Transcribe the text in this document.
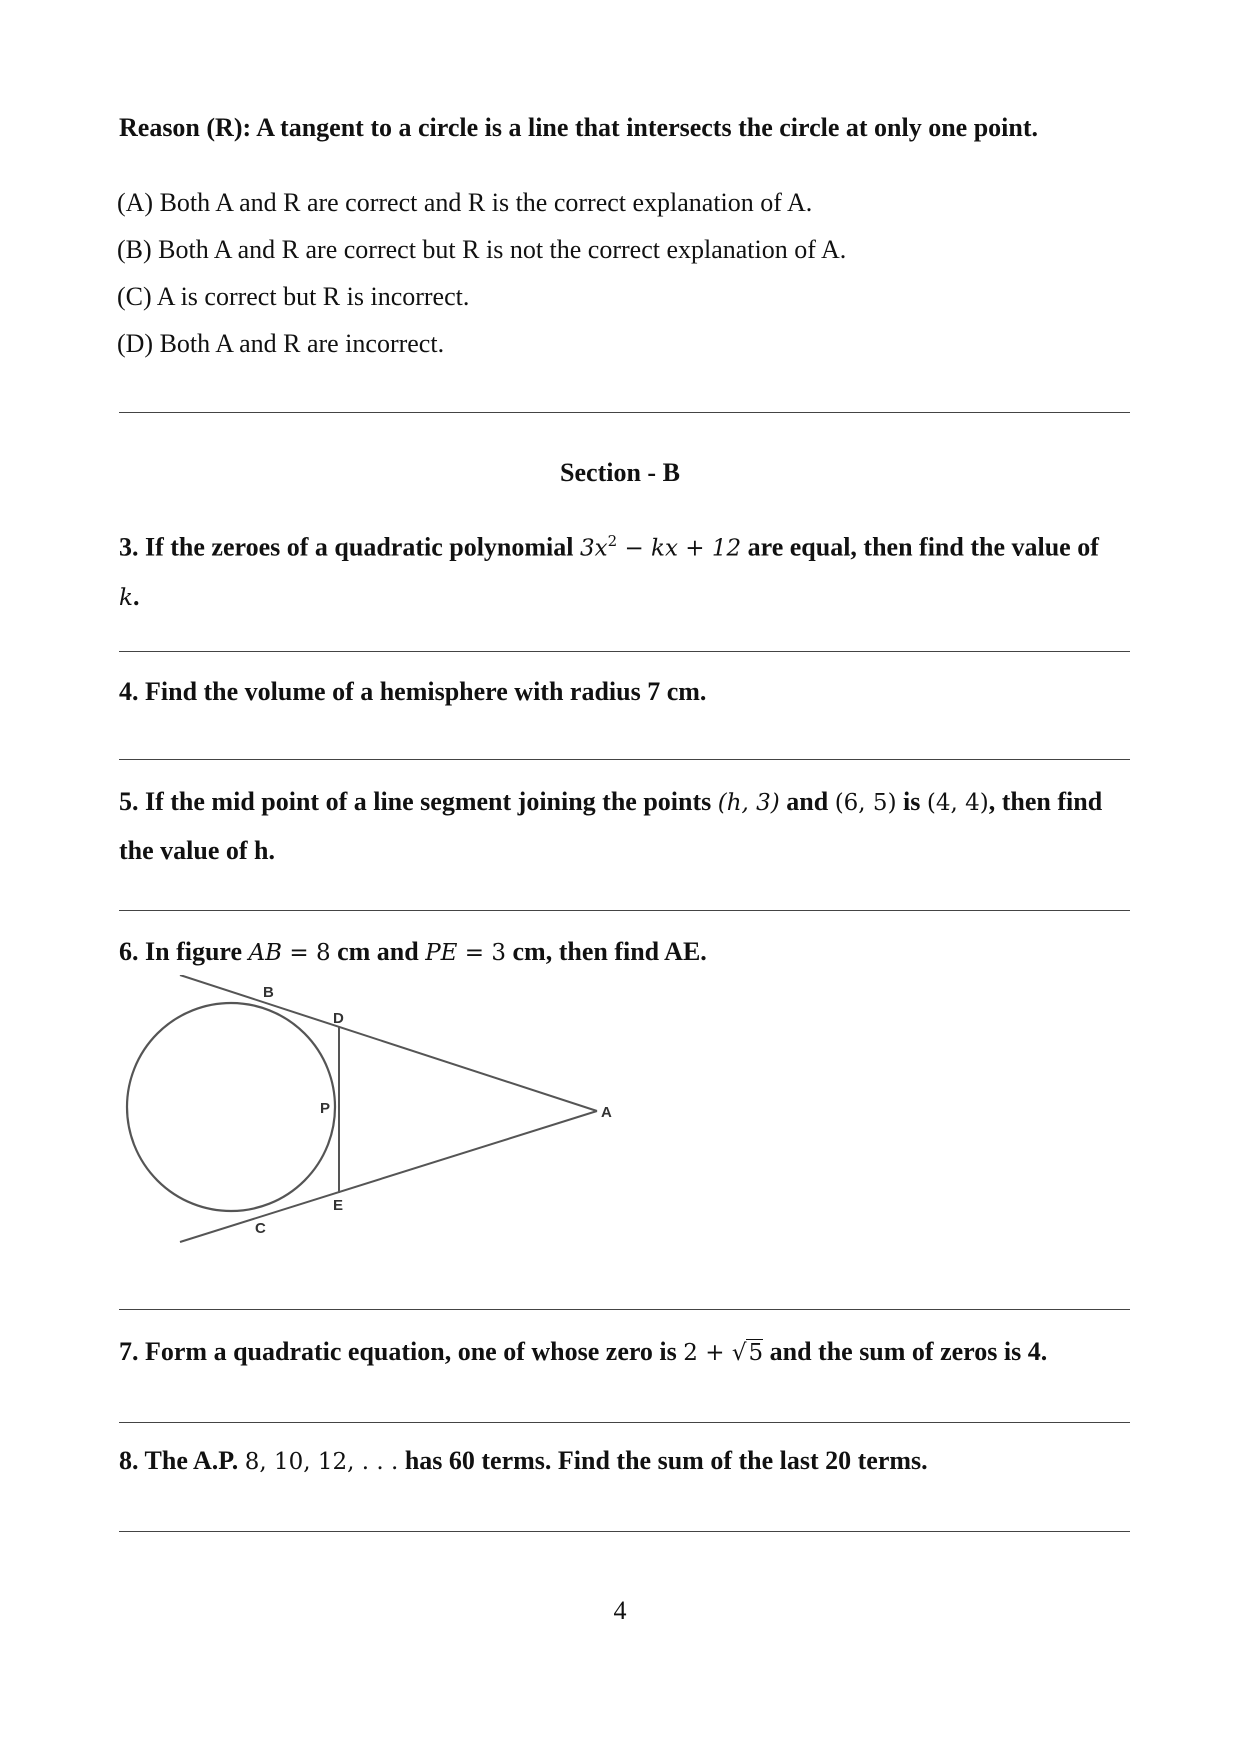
Reason (R): A tangent to a circle is a line that intersects the circle at only one point.
(A) Both A and R are correct and R is the correct explanation of A.
(B) Both A and R are correct but R is not the correct explanation of A.
(C) A is correct but R is incorrect.
(D) Both A and R are incorrect.
Section - B
3. If the zeroes of a quadratic polynomial $3x^2$ − kx + 12 are equal, then find the value of
k.
4. Find the volume of a hemisphere with radius 7 cm.
5. If the mid point of a line segment joining the points (h, 3) and (6, 5) is (4, 4), then find the value of h.
6. In figure AB = 8 cm and PE = 3 cm, then find AE.
B
D
P	A
E
C
7. Form a quadratic equation, one of whose zero is 2 + √5 and the sum of zeros is 4.
8. The A.P. 8, 10, 12, . . . has 60 terms. Find the sum of the last 20 terms.
4
